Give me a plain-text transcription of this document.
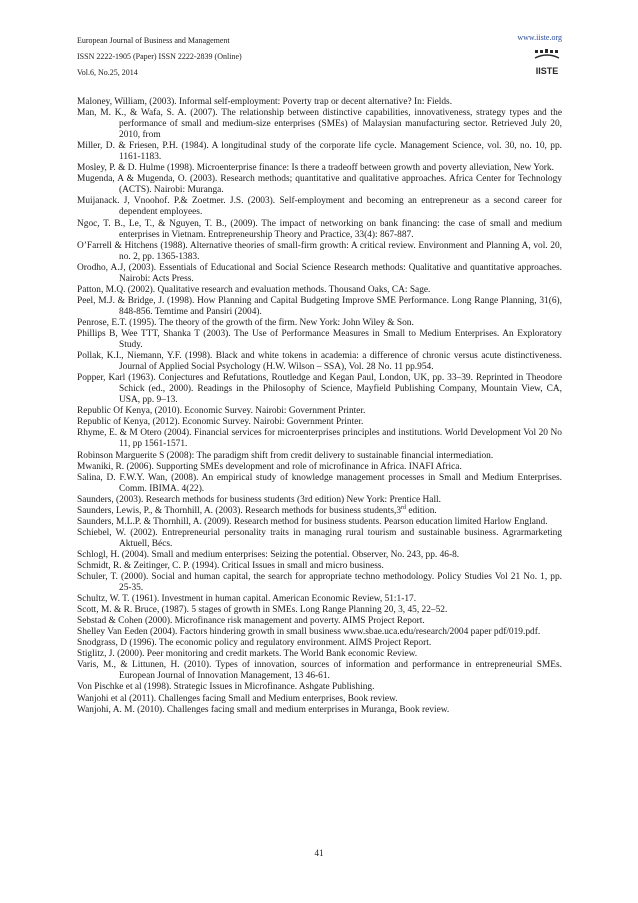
European Journal of Business and Management
ISSN 2222-1905 (Paper) ISSN 2222-2839 (Online)
Vol.6, No.25, 2014
www.iiste.org
IISTE

Maloney, William, (2003). Informal self-employment: Poverty trap or decent alternative? In: Fields.

Man, M. K., & Wafa, S. A. (2007). The relationship between distinctive capabilities, innovativeness, strategy types and the performance of small and medium-size enterprises (SMEs) of Malaysian manufacturing sector. Retrieved July 20, 2010, from

Miller, D. & Friesen, P.H. (1984). A longitudinal study of the corporate life cycle. Management Science, vol. 30, no. 10, pp. 1161-1183.

Mosley, P. & D. Hulme (1998). Microenterprise finance: Is there a tradeoff between growth and poverty alleviation, New York.

Mugenda, A & Mugenda, O. (2003). Research methods; quantitative and qualitative approaches. Africa Center for Technology (ACTS). Nairobi: Muranga.

Muijanack. J, Vnoohof. P.& Zoetmer. J.S. (2003). Self-employment and becoming an entrepreneur as a second career for dependent employees.

Ngoc, T. B., Le, T., & Nguyen, T. B., (2009). The impact of networking on bank financing: the case of small and medium enterprises in Vietnam. Entrepreneurship Theory and Practice, 33(4): 867-887.

O’Farrell & Hitchens (1988). Alternative theories of small-firm growth: A critical review. Environment and Planning A, vol. 20, no. 2, pp. 1365-1383.

Orodho, A.J, (2003). Essentials of Educational and Social Science Research methods: Qualitative and quantitative approaches. Nairobi: Acts Press.

Patton, M.Q. (2002). Qualitative research and evaluation methods. Thousand Oaks, CA: Sage.

Peel, M.J. & Bridge, J. (1998). How Planning and Capital Budgeting Improve SME Performance. Long Range Planning, 31(6), 848-856. Temtime and Pansiri (2004).

Penrose, E.T. (1995). The theory of the growth of the firm. New York: John Wiley & Son.

Phillips B, Wee TTT, Shanka T (2003). The Use of Performance Measures in Small to Medium Enterprises. An Exploratory Study.

Pollak, K.I., Niemann, Y.F. (1998). Black and white tokens in academia: a difference of chronic versus acute distinctiveness. Journal of Applied Social Psychology (H.W. Wilson – SSA), Vol. 28 No. 11 pp.954.

Popper, Karl (1963). Conjectures and Refutations, Routledge and Kegan Paul, London, UK, pp. 33–39. Reprinted in Theodore Schick (ed., 2000). Readings in the Philosophy of Science, Mayfield Publishing Company, Mountain View, CA, USA, pp. 9–13.

Republic Of Kenya, (2010). Economic Survey. Nairobi: Government Printer.

Republic of Kenya, (2012). Economic Survey. Nairobi: Government Printer.

Rhyme, E. & M Otero (2004). Financial services for microenterprises principles and institutions. World Development Vol 20 No 11, pp 1561-1571.

Robinson Marguerite S (2008): The paradigm shift from credit delivery to sustainable financial intermediation.

Mwaniki, R. (2006). Supporting SMEs development and role of microfinance in Africa. INAFI Africa.

Salina, D. F.W.Y. Wan, (2008). An empirical study of knowledge management processes in Small and Medium Enterprises. Comm. IBIMA. 4(22).

Saunders, (2003). Research methods for business students (3rd edition) New York: Prentice Hall.

Saunders, Lewis, P., & Thornhill, A. (2003). Research methods for business students,3rd edition.

Saunders, M.L.P. & Thornhill, A. (2009). Research method for business students. Pearson education limited Harlow England.

Schiebel, W. (2002). Entrepreneurial personality traits in managing rural tourism and sustainable business. Agrarmarketing Aktuell, Bécs.

Schlogl, H. (2004). Small and medium enterprises: Seizing the potential. Observer, No. 243, pp. 46-8.

Schmidt, R. & Zeitinger, C. P. (1994). Critical Issues in small and micro business.

Schuler, T. (2000). Social and human capital, the search for appropriate techno methodology. Policy Studies Vol 21 No. 1, pp. 25-35.

Schultz, W. T. (1961). Investment in human capital. American Economic Review, 51:1-17.

Scott, M. & R. Bruce, (1987). 5 stages of growth in SMEs. Long Range Planning 20, 3, 45, 22–52.

Sebstad & Cohen (2000). Microfinance risk management and poverty. AIMS Project Report.

Shelley Van Eeden (2004). Factors hindering growth in small business www.sbae.uca.edu/research/2004 paper pdf/019.pdf.

Snodgrass, D (1996). The economic policy and regulatory environment. AIMS Project Report.

Stiglitz, J. (2000). Peer monitoring and credit markets. The World Bank economic Review.

Varis, M., & Littunen, H. (2010). Types of innovation, sources of information and performance in entrepreneurial SMEs. European Journal of Innovation Management, 13 46-61.

Von Pischke et al (1998). Strategic Issues in Microfinance. Ashgate Publishing.

Wanjohi et al (2011). Challenges facing Small and Medium enterprises, Book review.

Wanjohi, A. M. (2010). Challenges facing small and medium enterprises in Muranga, Book review.

41
